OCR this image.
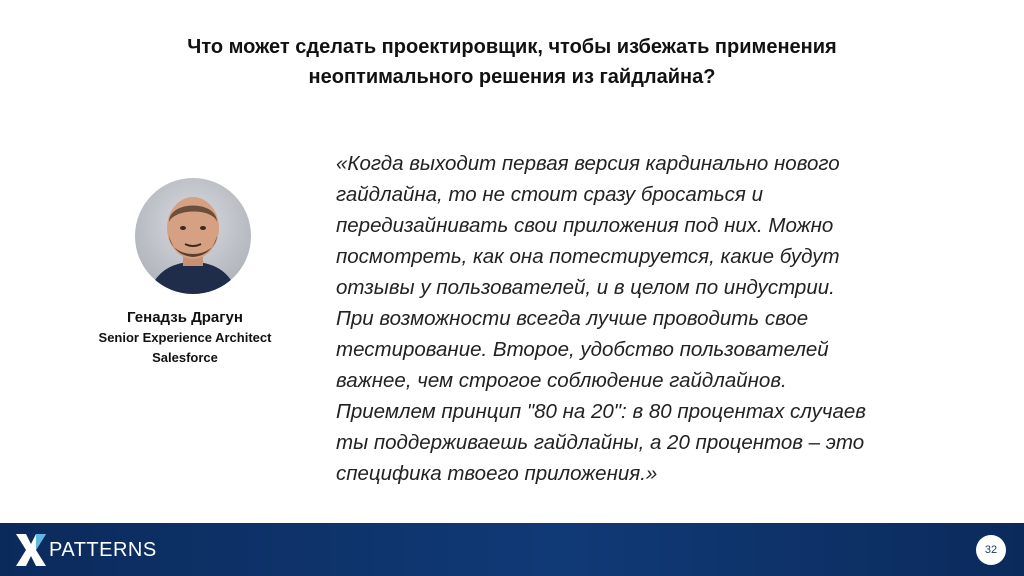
Что может сделать проектировщик, чтобы избежать применения
неоптимального решения из гайдлайна?
Генадзь Драгун
Senior Experience Architect
Salesforce
«Когда выходит первая версия кардинально нового
гайдлайна, то не стоит сразу бросаться и
передизайнивать свои приложения под них. Можно
посмотреть, как она потестируется, какие будут
отзывы у пользователей, и в целом по индустрии.
При возможности всегда лучше проводить свое
тестирование. Второе, удобство пользователей
важнее, чем строгое соблюдение гайдлайнов.
Приемлем принцип "80 на 20": в 80 процентах случаев
ты поддерживаешь гайдлайны, а 20 процентов – это
специфика твоего приложения.»
PATTERNS	32
